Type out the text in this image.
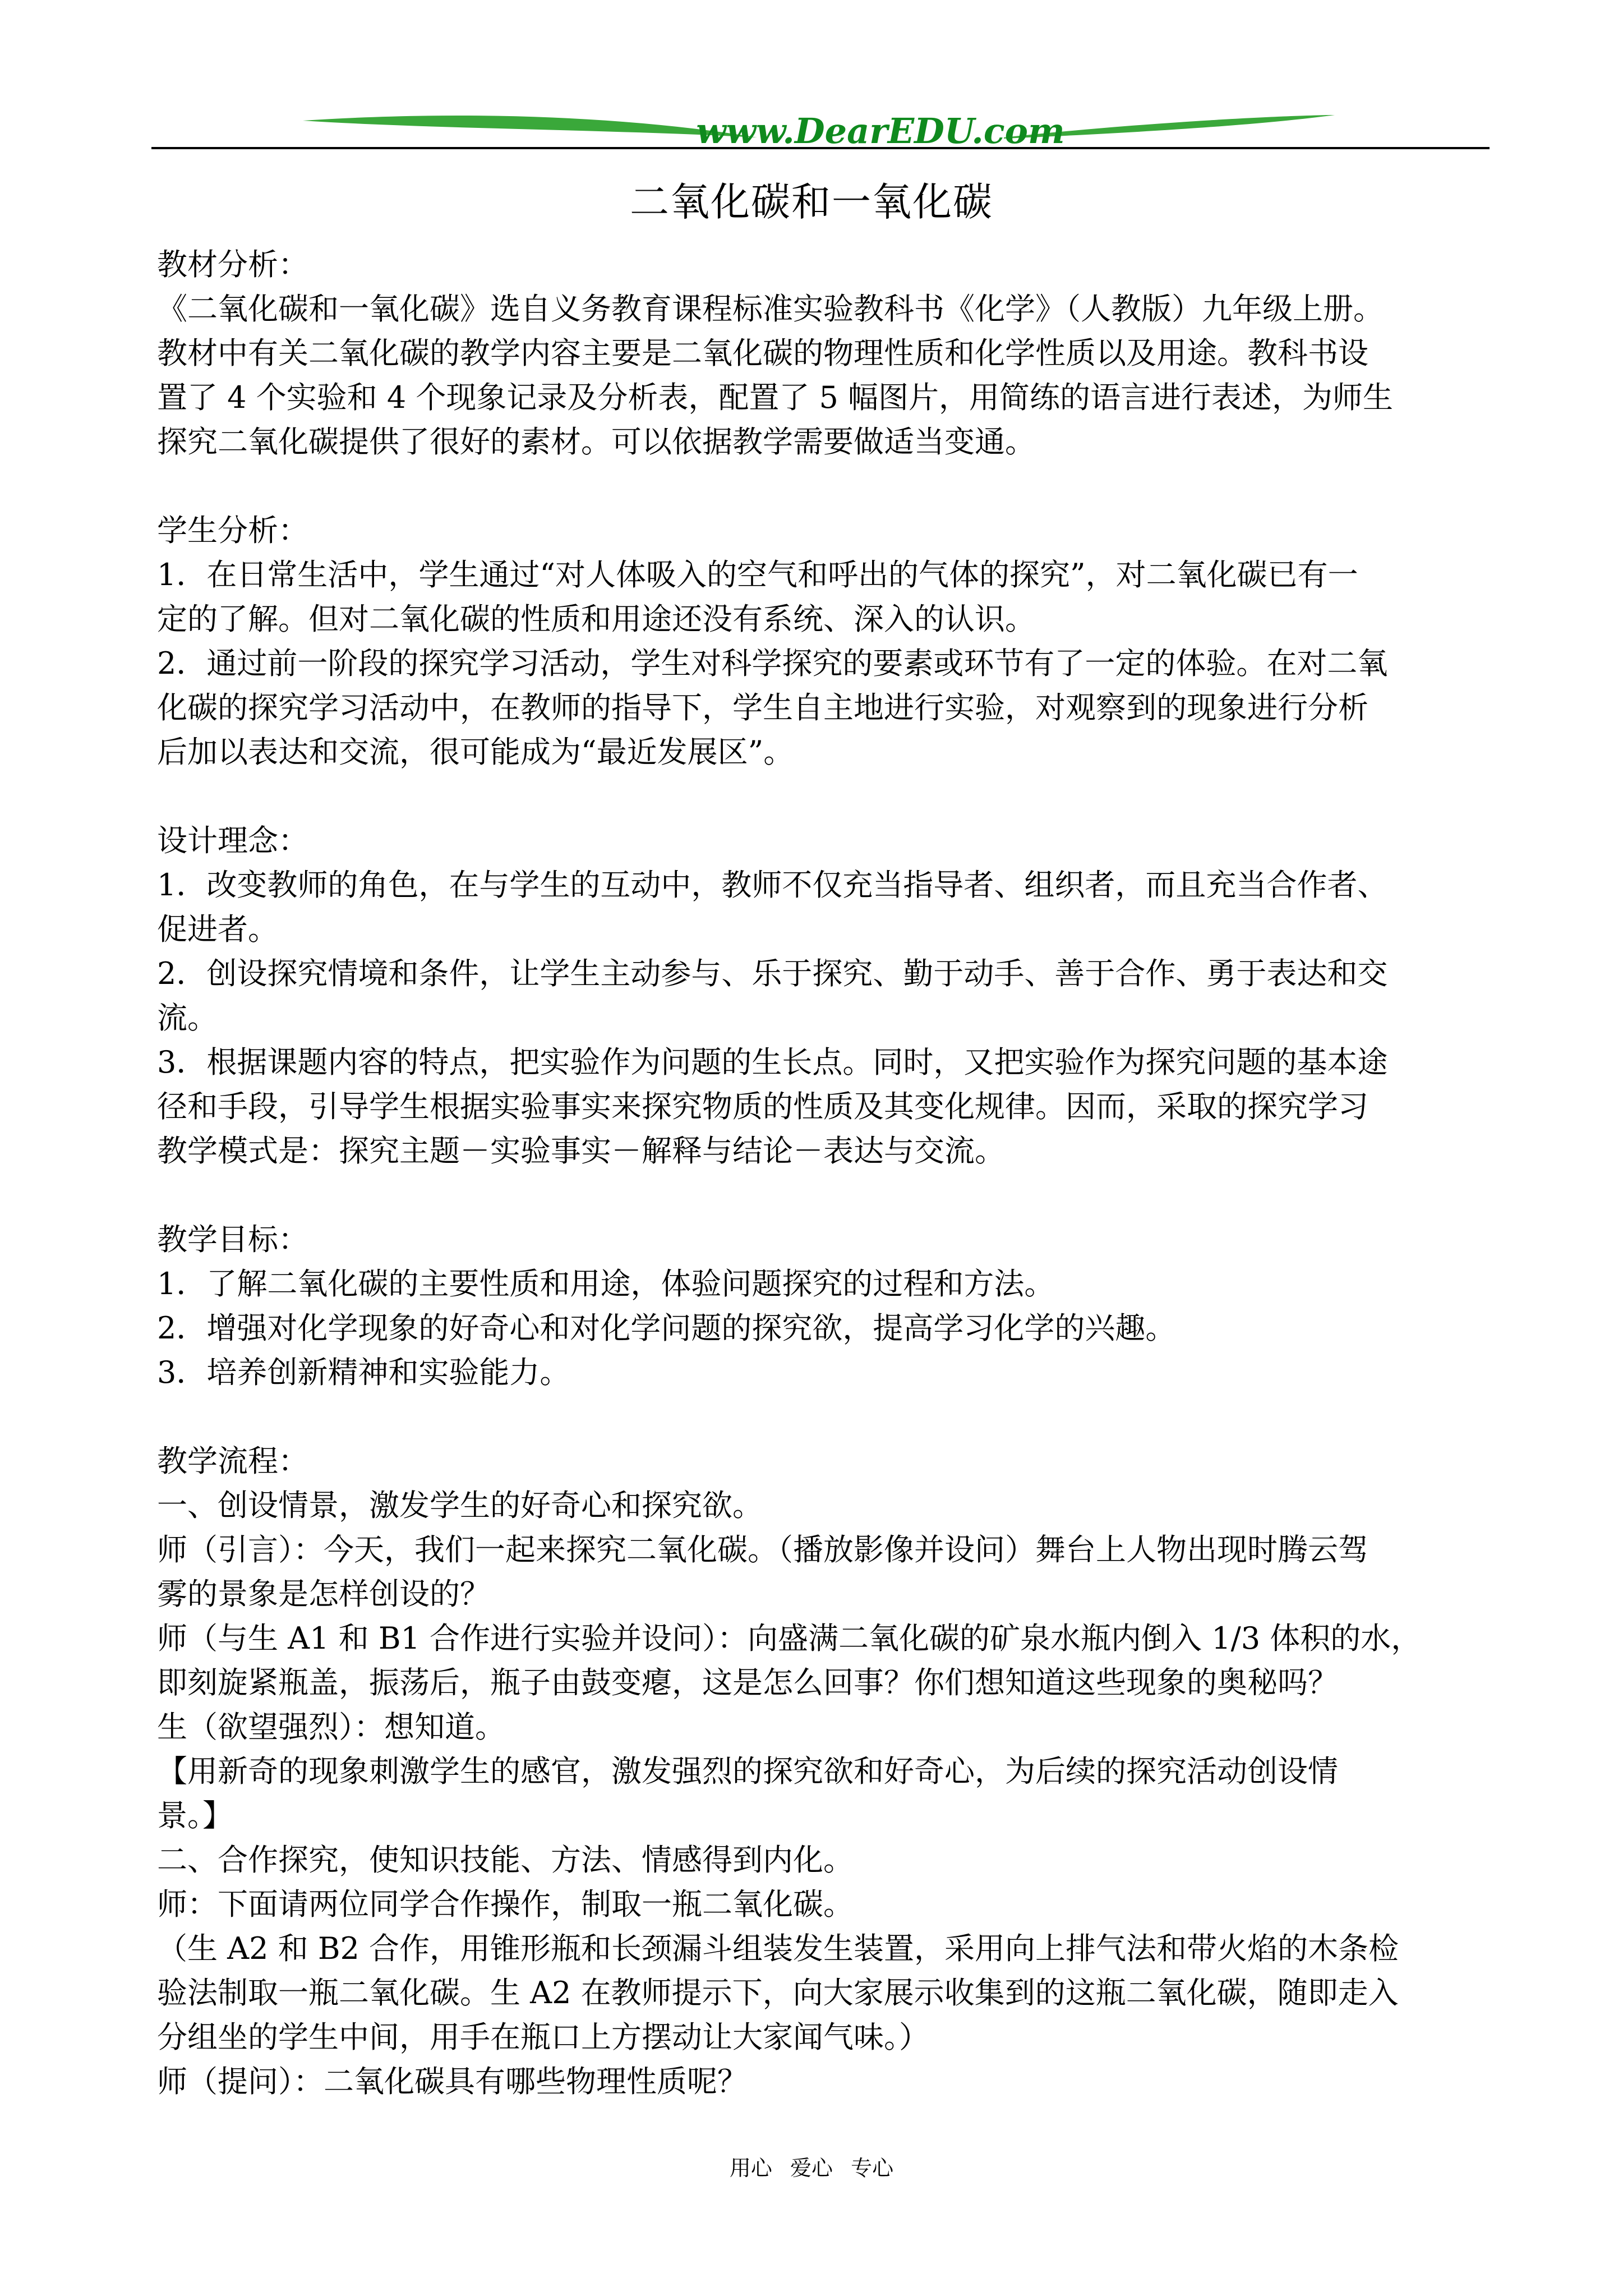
www.DearEDU.com
二氧化碳和一氧化碳
教材分析：
《二氧化碳和一氧化碳》选自义务教育课程标准实验教科书《化学》（人教版）九年级上册。
教材中有关二氧化碳的教学内容主要是二氧化碳的物理性质和化学性质以及用途。教科书设
置了 4 个实验和 4 个现象记录及分析表，配置了 5 幅图片，用简练的语言进行表述，为师生
探究二氧化碳提供了很好的素材。可以依据教学需要做适当变通。
学生分析：
1．在日常生活中，学生通过“对人体吸入的空气和呼出的气体的探究”，对二氧化碳已有一
定的了解。但对二氧化碳的性质和用途还没有系统、深入的认识。
2．通过前一阶段的探究学习活动，学生对科学探究的要素或环节有了一定的体验。在对二氧
化碳的探究学习活动中，在教师的指导下，学生自主地进行实验，对观察到的现象进行分析
后加以表达和交流，很可能成为“最近发展区”。
设计理念：
1．改变教师的角色，在与学生的互动中，教师不仅充当指导者、组织者，而且充当合作者、
促进者。
2．创设探究情境和条件，让学生主动参与、乐于探究、勤于动手、善于合作、勇于表达和交
流。
3．根据课题内容的特点，把实验作为问题的生长点。同时，又把实验作为探究问题的基本途
径和手段，引导学生根据实验事实来探究物质的性质及其变化规律。因而，采取的探究学习
教学模式是：探究主题－实验事实－解释与结论－表达与交流。
教学目标：
1．了解二氧化碳的主要性质和用途，体验问题探究的过程和方法。
2．增强对化学现象的好奇心和对化学问题的探究欲，提高学习化学的兴趣。
3．培养创新精神和实验能力。
教学流程：
一、创设情景，激发学生的好奇心和探究欲。
师（引言）：今天，我们一起来探究二氧化碳。（播放影像并设问）舞台上人物出现时腾云驾
雾的景象是怎样创设的？
师（与生 A1 和 B1 合作进行实验并设问）：向盛满二氧化碳的矿泉水瓶内倒入 1/3 体积的水，
即刻旋紧瓶盖，振荡后，瓶子由鼓变瘪，这是怎么回事？你们想知道这些现象的奥秘吗？
生（欲望强烈）：想知道。
【用新奇的现象刺激学生的感官，激发强烈的探究欲和好奇心，为后续的探究活动创设情
景。】
二、合作探究，使知识技能、方法、情感得到内化。
师：下面请两位同学合作操作，制取一瓶二氧化碳。
（生 A2 和 B2 合作，用锥形瓶和长颈漏斗组装发生装置，采用向上排气法和带火焰的木条检
验法制取一瓶二氧化碳。生 A2 在教师提示下，向大家展示收集到的这瓶二氧化碳，随即走入
分组坐的学生中间，用手在瓶口上方摆动让大家闻气味。）
师（提问）：二氧化碳具有哪些物理性质呢？
用心 爱心 专心
